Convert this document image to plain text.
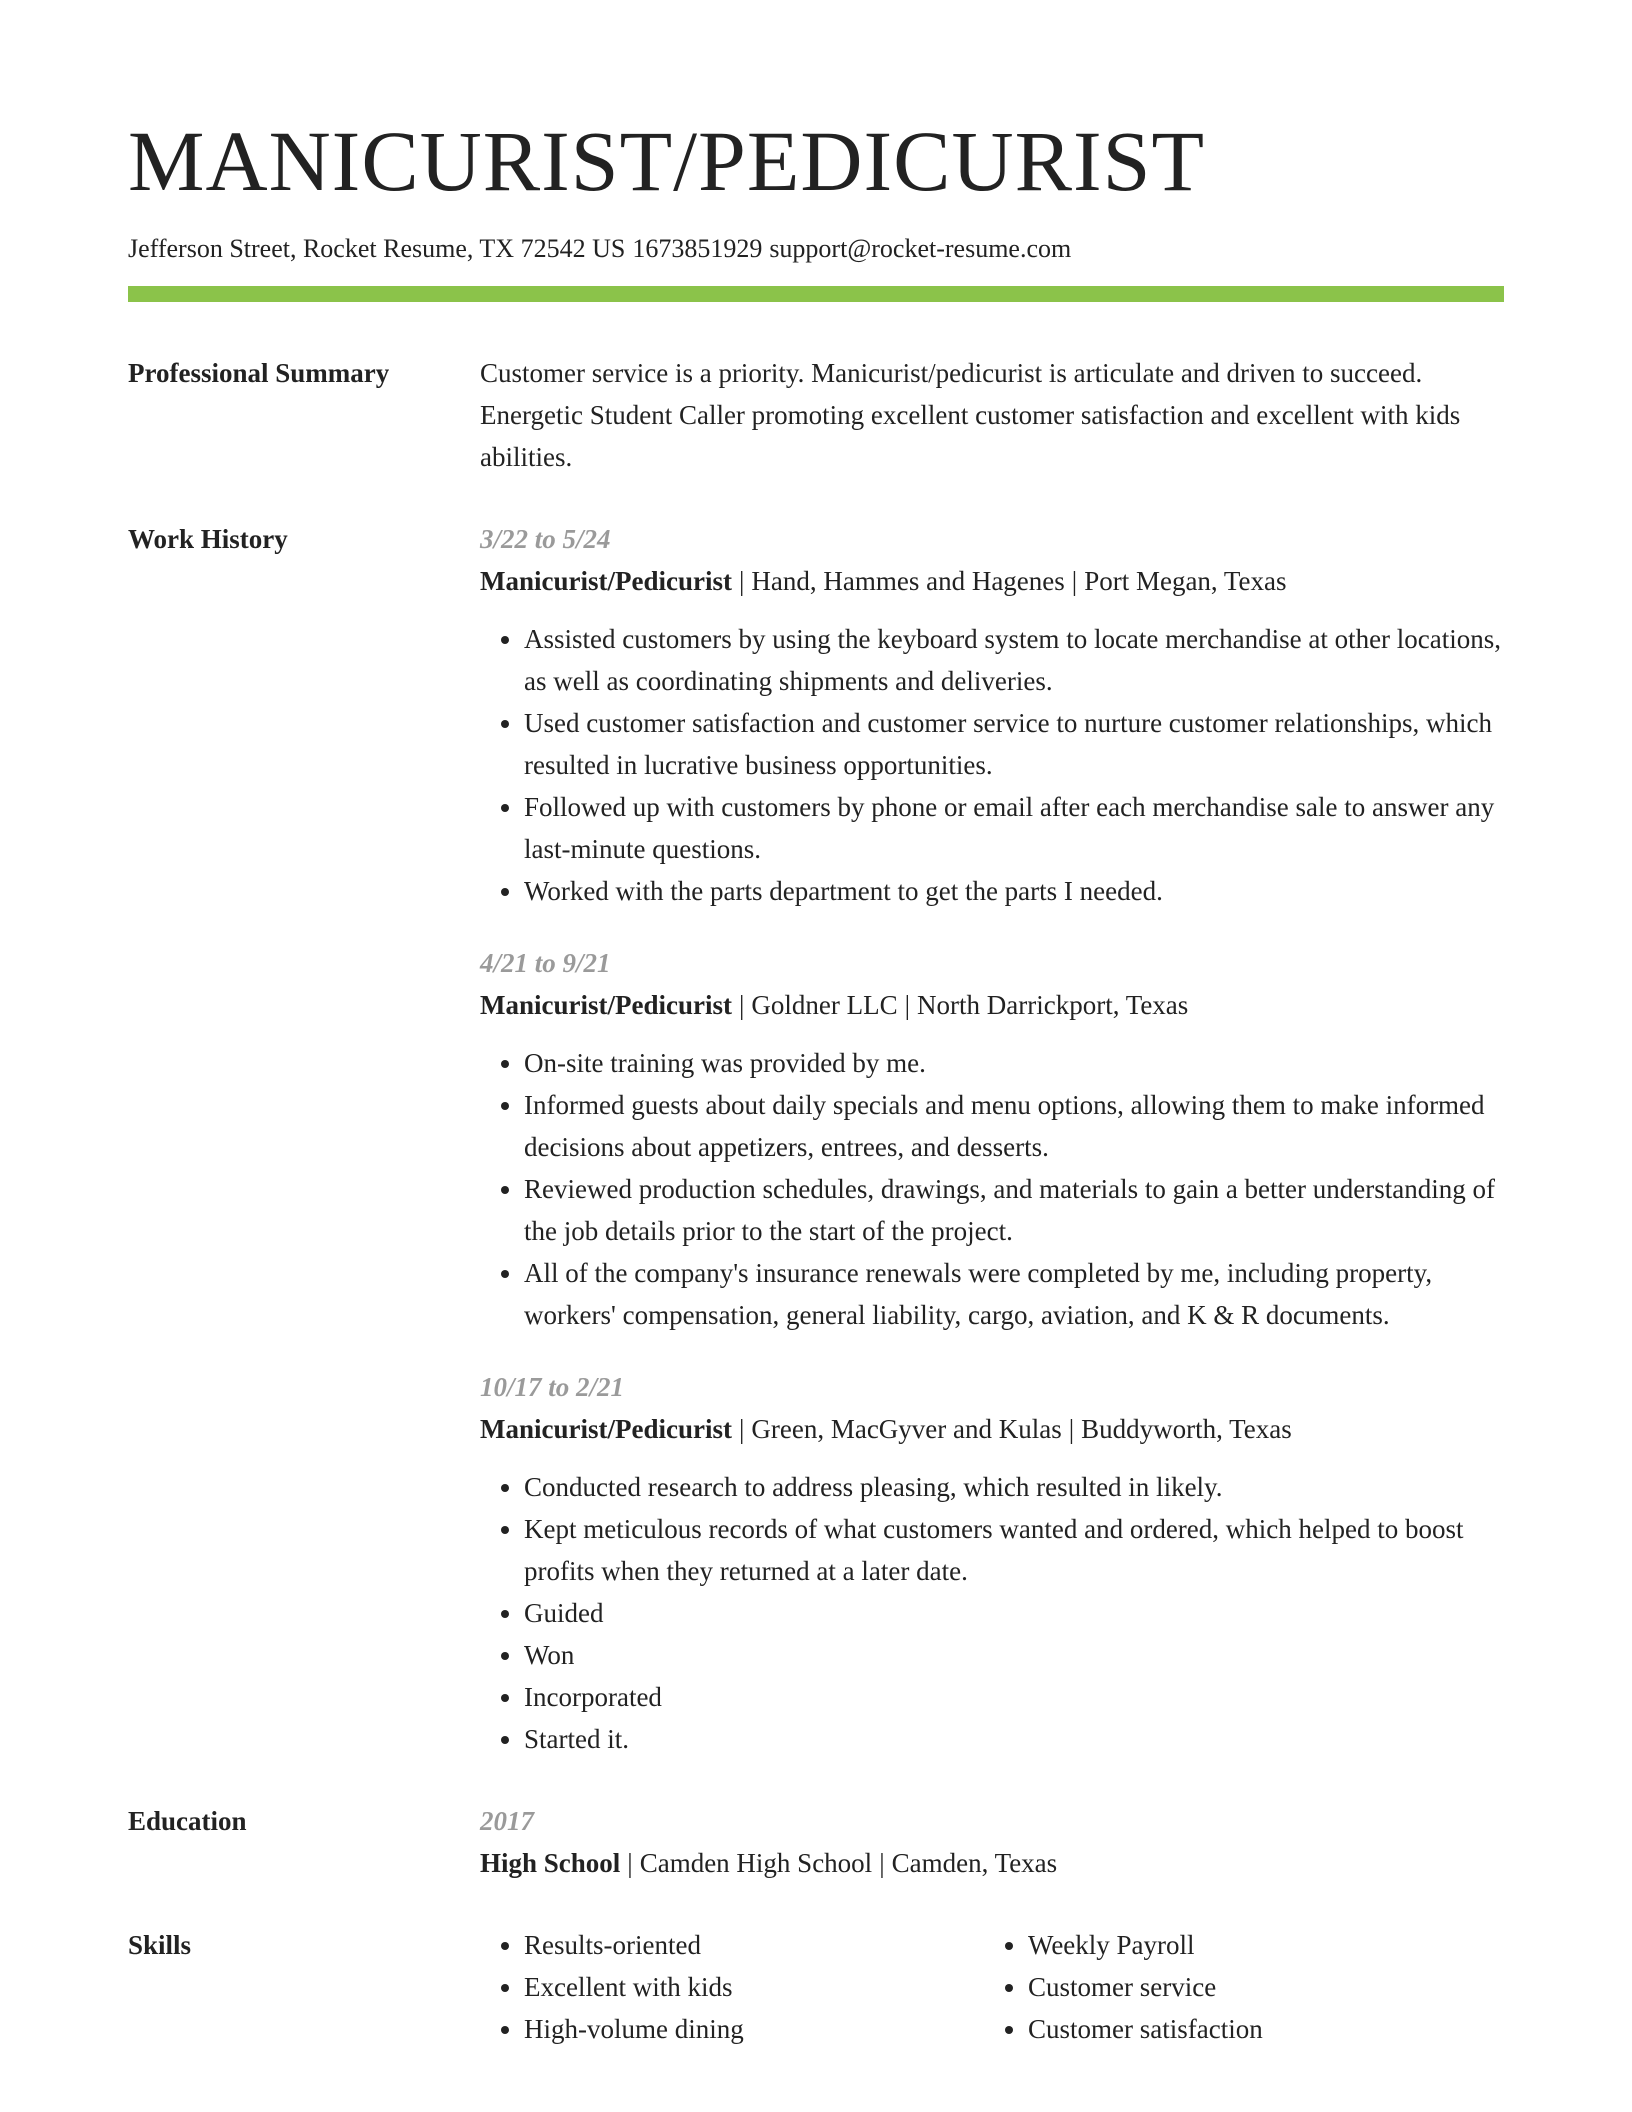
MANICURIST/PEDICURIST
Jefferson Street, Rocket Resume, TX 72542 US 1673851929 support@rocket-resume.com
Professional Summary	Customer service is a priority. Manicurist/pedicurist is articulate and driven to succeed. Energetic Student Caller promoting excellent customer satisfaction and excellent with kids abilities.
Work History	3/22 to 5/24
Manicurist/Pedicurist | Hand, Hammes and Hagenes | Port Megan, Texas
• Assisted customers by using the keyboard system to locate merchandise at other locations, as well as coordinating shipments and deliveries.
• Used customer satisfaction and customer service to nurture customer relationships, which resulted in lucrative business opportunities.
• Followed up with customers by phone or email after each merchandise sale to answer any last-minute questions.
• Worked with the parts department to get the parts I needed.
4/21 to 9/21
Manicurist/Pedicurist | Goldner LLC | North Darrickport, Texas
• On-site training was provided by me.
• Informed guests about daily specials and menu options, allowing them to make informed decisions about appetizers, entrees, and desserts.
• Reviewed production schedules, drawings, and materials to gain a better understanding of the job details prior to the start of the project.
• All of the company's insurance renewals were completed by me, including property, workers' compensation, general liability, cargo, aviation, and K & R documents.
10/17 to 2/21
Manicurist/Pedicurist | Green, MacGyver and Kulas | Buddyworth, Texas
• Conducted research to address pleasing, which resulted in likely.
• Kept meticulous records of what customers wanted and ordered, which helped to boost profits when they returned at a later date.
• Guided
• Won
• Incorporated
• Started it.
Education	2017
High School | Camden High School | Camden, Texas
Skills
•	Results-oriented
• Excellent with kids
• High-volume dining
• Weekly Payroll
• Customer service
• Customer satisfaction
